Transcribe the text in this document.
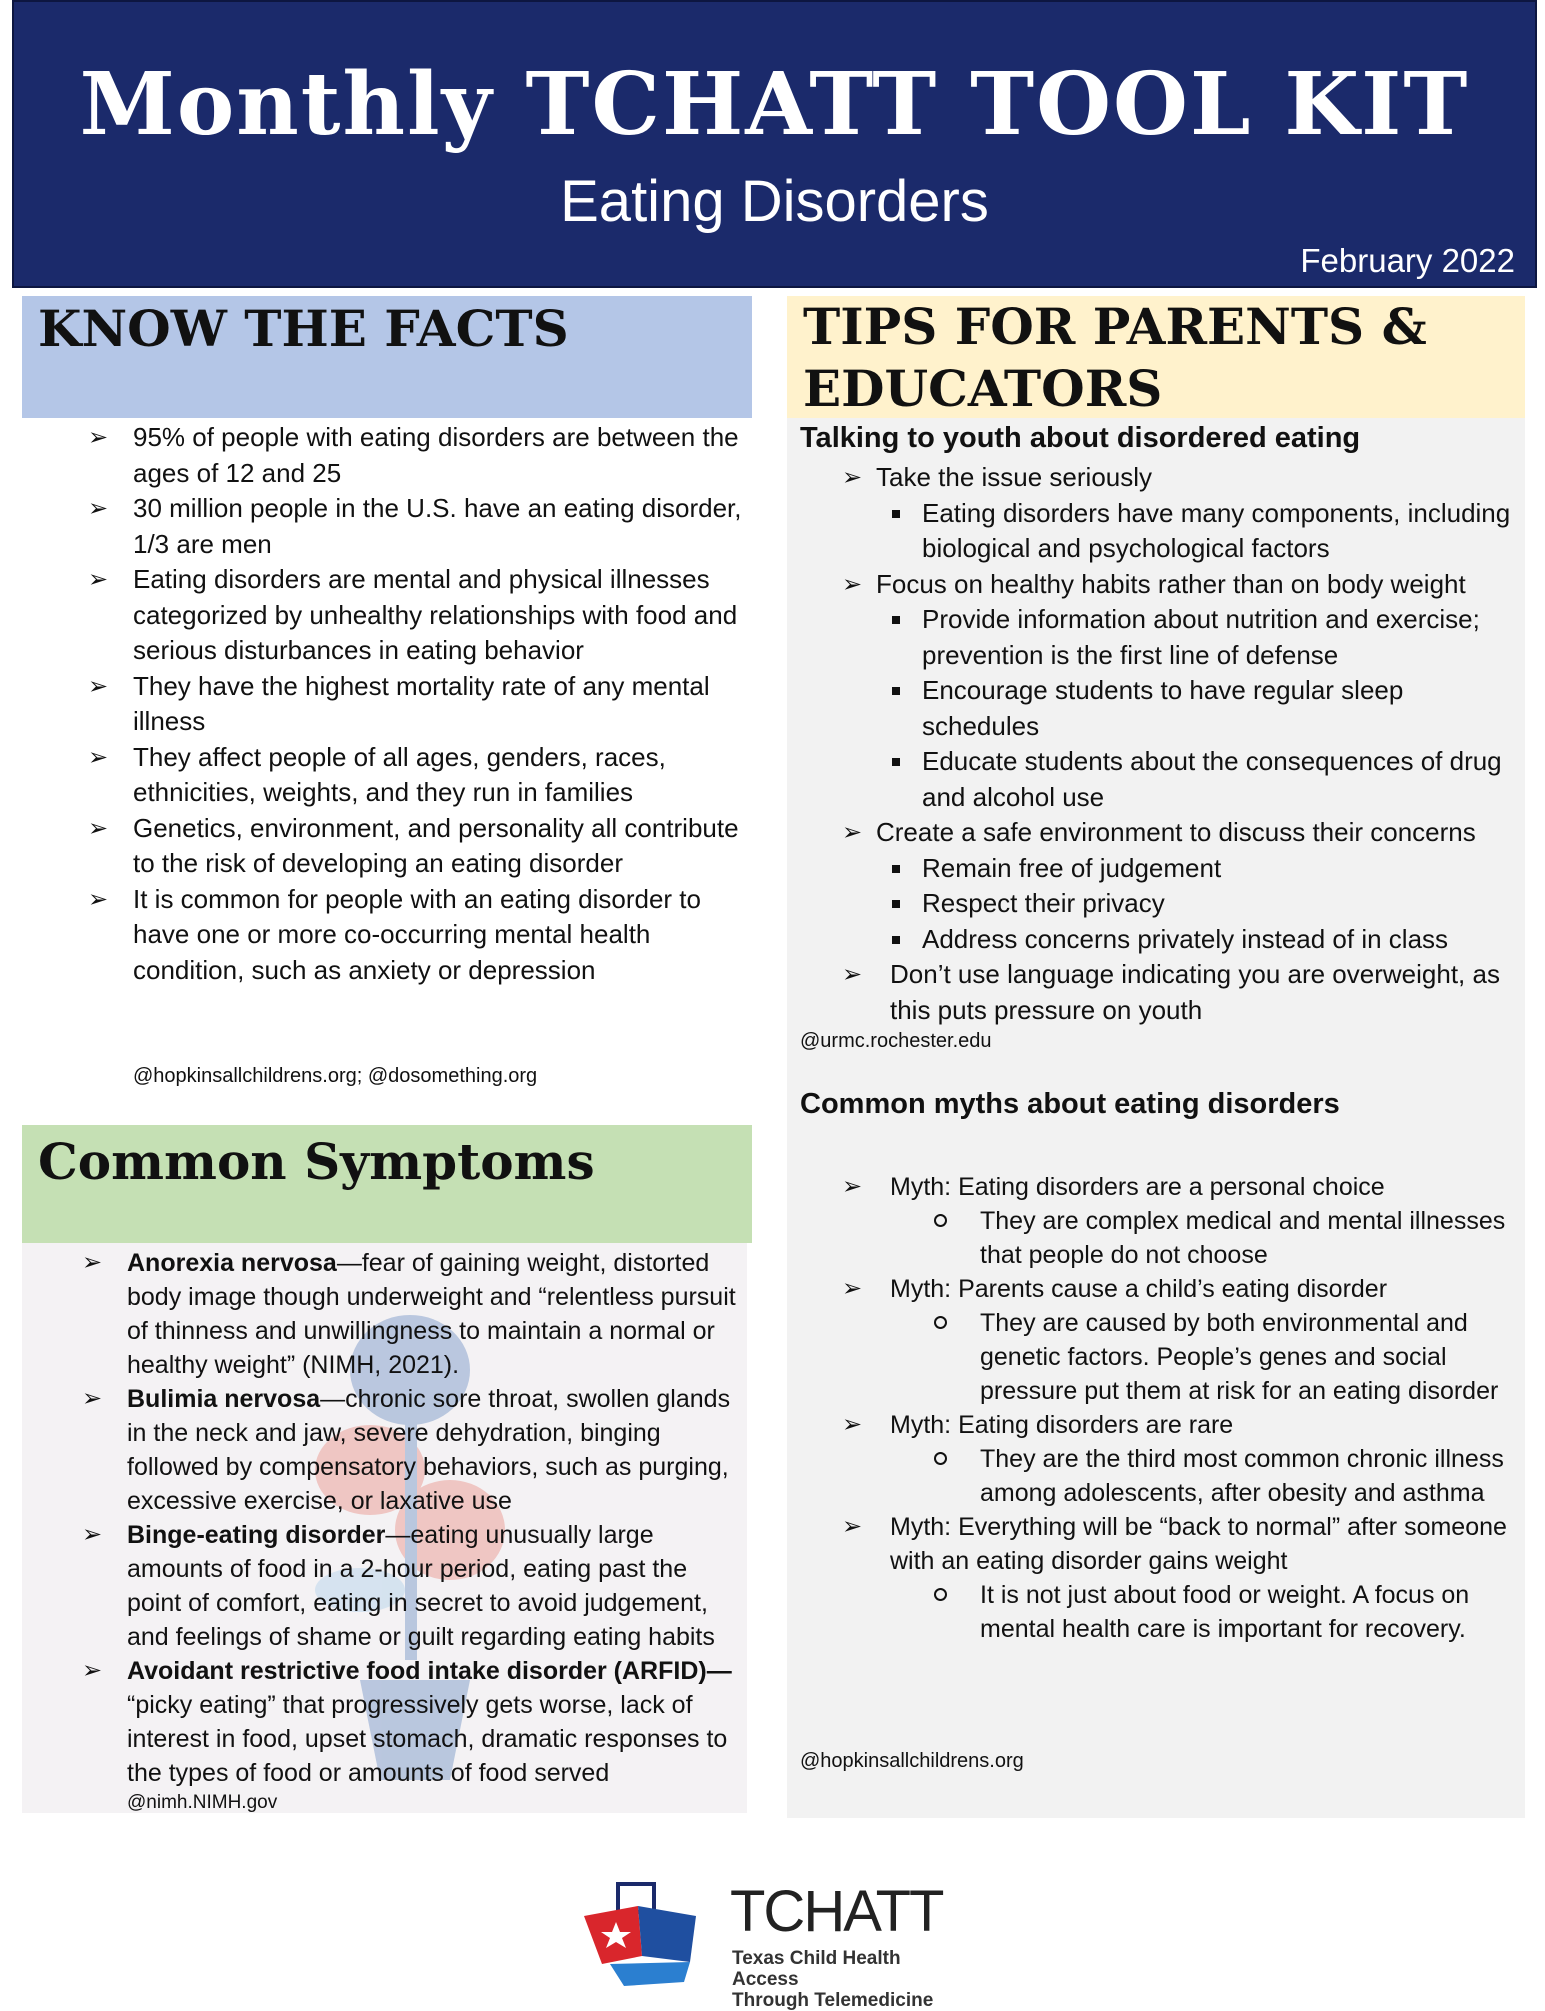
Monthly TCHATT TOOL KIT
Eating Disorders
February 2022
KNOW THE FACTS
➢ 95% of people with eating disorders are between the ages of 12 and 25
➢ 30 million people in the U.S. have an eating disorder, 1/3 are men
➢ Eating disorders are mental and physical illnesses categorized by unhealthy relationships with food and serious disturbances in eating behavior
➢ They have the highest mortality rate of any mental illness
➢ They affect people of all ages, genders, races, ethnicities, weights, and they run in families
➢ Genetics, environment, and personality all contribute to the risk of developing an eating disorder
➢ It is common for people with an eating disorder to have one or more co-occurring mental health condition, such as anxiety or depression
@hopkinsallchildrens.org; @dosomething.org
Common Symptoms
➢ Anorexia nervosa—fear of gaining weight, distorted body image though underweight and “relentless pursuit of thinness and unwillingness to maintain a normal or healthy weight” (NIMH, 2021).
➢ Bulimia nervosa—chronic sore throat, swollen glands in the neck and jaw, severe dehydration, binging followed by compensatory behaviors, such as purging, excessive exercise, or laxative use
➢ Binge-eating disorder—eating unusually large amounts of food in a 2-hour period, eating past the point of comfort, eating in secret to avoid judgement, and feelings of shame or guilt regarding eating habits
➢ Avoidant restrictive food intake disorder (ARFID)— “picky eating” that progressively gets worse, lack of interest in food, upset stomach, dramatic responses to the types of food or amounts of food served
@nimh.NIMH.gov
TIPS FOR PARENTS & EDUCATORS
Talking to youth about disordered eating
➢ Take the issue seriously
Eating disorders have many components, including biological and psychological factors
➢ Focus on healthy habits rather than on body weight
Provide information about nutrition and exercise; prevention is the first line of defense
Encourage students to have regular sleep schedules
Educate students about the consequences of drug and alcohol use
➢ Create a safe environment to discuss their concerns
Remain free of judgement
Respect their privacy
Address concerns privately instead of in class
➢ Don’t use language indicating you are overweight, as this puts pressure on youth
@urmc.rochester.edu
Common myths about eating disorders
➢ Myth: Eating disorders are a personal choice
They are complex medical and mental illnesses that people do not choose
➢ Myth: Parents cause a child’s eating disorder
They are caused by both environmental and genetic factors. People’s genes and social pressure put them at risk for an eating disorder
➢ Myth: Eating disorders are rare
They are the third most common chronic illness among adolescents, after obesity and asthma
➢ Myth: Everything will be “back to normal” after someone with an eating disorder gains weight
It is not just about food or weight. A focus on mental health care is important for recovery.
@hopkinsallchildrens.org
TCHATT
Texas Child Health Access
Through Telemedicine
